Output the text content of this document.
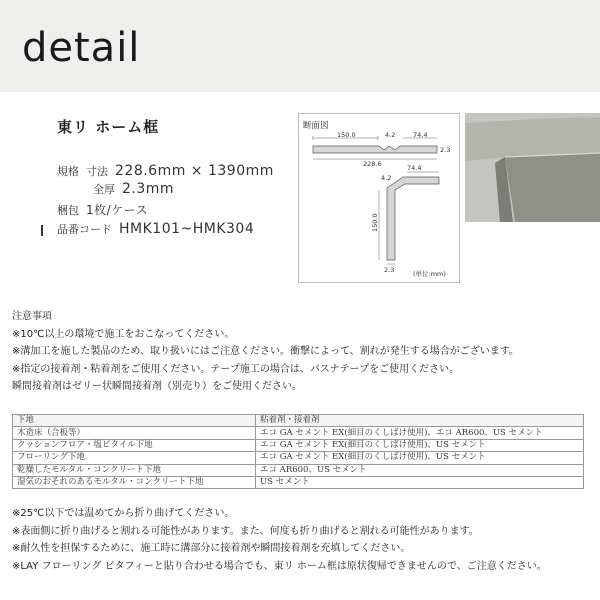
detail
東リ ホーム框
規格 寸法 228.6mm × 1390mm
全厚 2.3mm
梱包 1枚/ケース
品番コード HMK101~HMK304
断面図
150.0	4.2	74.4
2.3
228.6	74.4
4.2
150.0
2.3	(単位:mm)
注意事項
※10℃以上の環境で施工をおこなってください。
※溝加工を施した製品のため、取り扱いにはご注意ください。衝撃によって、割れが発生する場合がございます。
※指定の接着剤・粘着剤をご使用ください。テープ施工の場合は、パスナテープをご使用ください。
瞬間接着剤はゼリー状瞬間接着剤（別売り）をご使用ください。
下地	粘着剤・接着剤
木造床（合板等）	エコ GA セメント EX(細目のくしばけ使用)、エコ AR600、US セメント
クッションフロア・塩ビタイル下地	エコ GA セメント EX(細目のくしばけ使用)、US セメント
フローリング下地	エコ GA セメント EX(細目のくしばけ使用)、US セメント
乾燥したモルタル・コンクリート下地	エコ AR600、US セメント
湿気のおそれのあるモルタル・コンクリート下地	US セメント
※25℃以下では温めてから折り曲げてください。
※表面側に折り曲げると割れる可能性があります。また、何度も折り曲げると割れる可能性があります。
※耐久性を担保するために、施工時に溝部分に接着剤や瞬間接着剤を充填してください。
※LAY フローリング ビタフィーと貼り合わせる場合でも、東リ ホーム框は原状復帰できませんので、ご注意ください。
